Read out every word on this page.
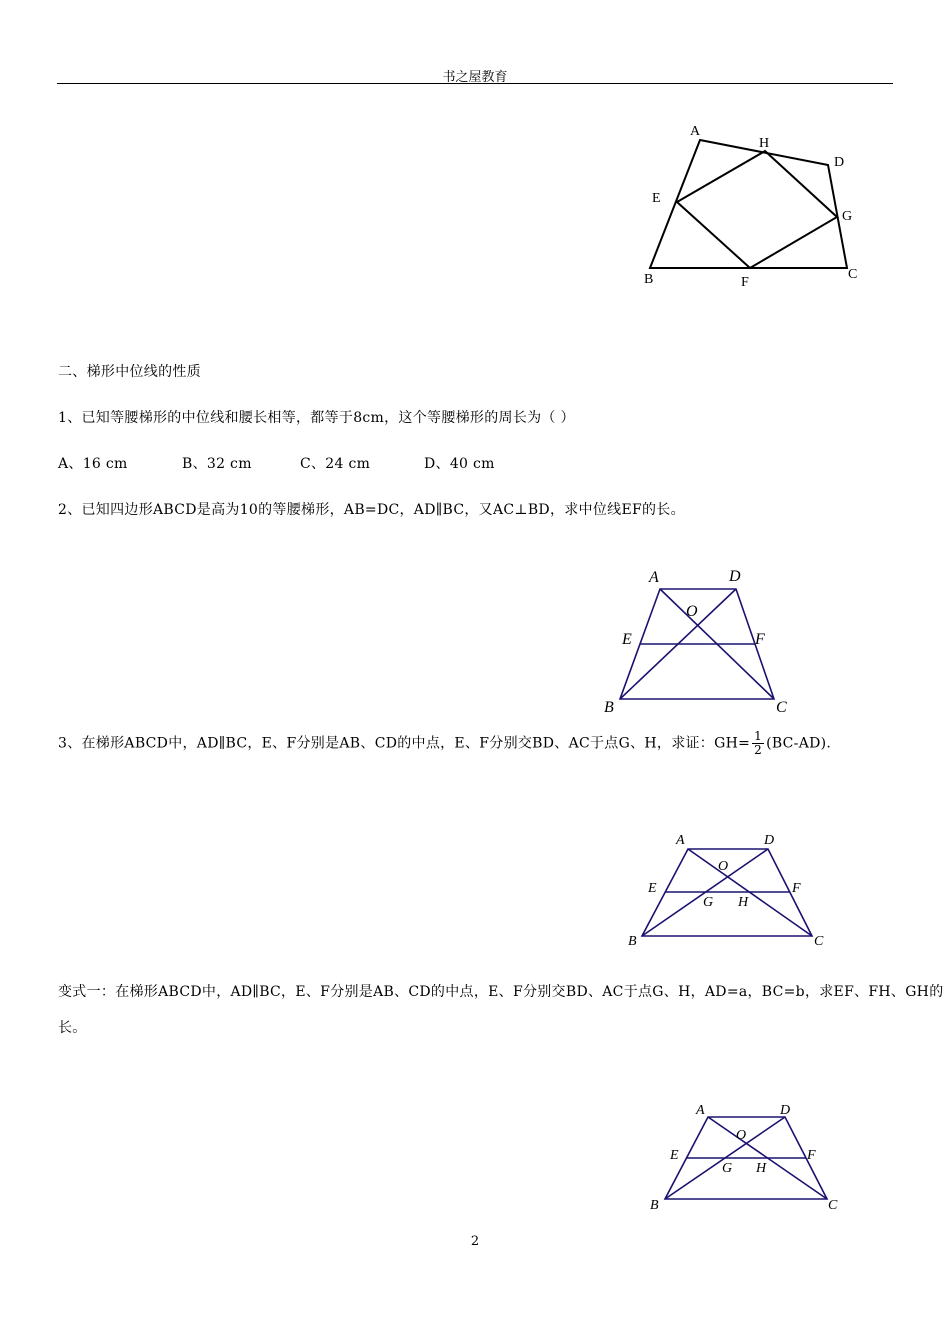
书之屋教育
A
H
D
E
G
B	F
C
二、梯形中位线的性质
1、已知等腰梯形的中位线和腰长相等，都等于8cm，这个等腰梯形的周长为（ ）
A、16 cm	B、32 cm	C、24 cm	D、40 cm
2、已知四边形ABCD是高为10的等腰梯形，AB=DC，AD∥BC，又AC⊥BD，求中位线EF的长。
A	D
O
E	F
B	C
3、在梯形ABCD中，AD∥BC，E、F分别是AB、CD的中点，E、F分别交BD、AC于点G、H，求证：$GH= \frac{1}{2} (BC-AD)$.
A	D
O
E	F
G H
B	C
变式一：在梯形ABCD中，AD∥BC，E、F分别是AB、CD的中点，E、F分别交BD、AC于点G、H，AD=a，BC=b，求EF、FH、GH的
长。
A	D
O
E	F
G H
B	C
2
